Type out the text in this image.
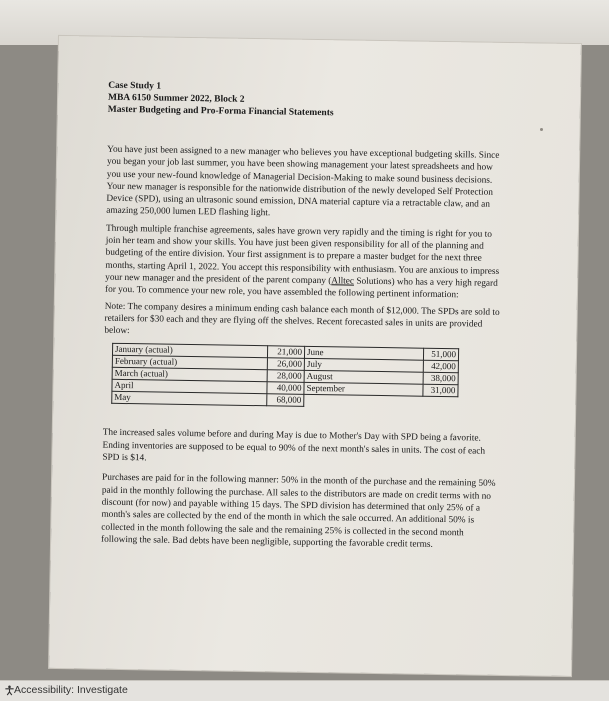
Case Study 1
MBA 6150 Summer 2022, Block 2
Master Budgeting and Pro-Forma Financial Statements

You have just been assigned to a new manager who believes you have exceptional budgeting skills. Since you began your job last summer, you have been showing management your latest spreadsheets and how you use your new-found knowledge of Managerial Decision-Making to make sound business decisions. Your new manager is responsible for the nationwide distribution of the newly developed Self Protection Device (SPD), using an ultrasonic sound emission, DNA material capture via a retractable claw, and an amazing 250,000 lumen LED flashing light.

Through multiple franchise agreements, sales have grown very rapidly and the timing is right for you to join her team and show your skills. You have just been given responsibility for all of the planning and budgeting of the entire division. Your first assignment is to prepare a master budget for the next three months, starting April 1, 2022. You accept this responsibility with enthusiasm. You are anxious to impress your new manager and the president of the parent company (Alltec Solutions) who has a very high regard for you. To commence your new role, you have assembled the following pertinent information:

Note: The company desires a minimum ending cash balance each month of $12,000. The SPDs are sold to retailers for $30 each and they are flying off the shelves. Recent forecasted sales in units are provided below:

January (actual)	21,000	June	51,000
February (actual)	26,000	July	42,000
March (actual)	28,000	August	38,000
April	40,000	September	31,000
May	68,000		

The increased sales volume before and during May is due to Mother's Day with SPD being a favorite. Ending inventories are supposed to be equal to 90% of the next month's sales in units. The cost of each SPD is $14.

Purchases are paid for in the following manner: 50% in the month of the purchase and the remaining 50% paid in the monthly following the purchase. All sales to the distributors are made on credit terms with no discount (for now) and payable withing 15 days. The SPD division has determined that only 25% of a month's sales are collected by the end of the month in which the sale occurred. An additional 50% is collected in the month following the sale and the remaining 25% is collected in the second month following the sale. Bad debts have been negligible, supporting the favorable credit terms.

Accessibility: Investigate
